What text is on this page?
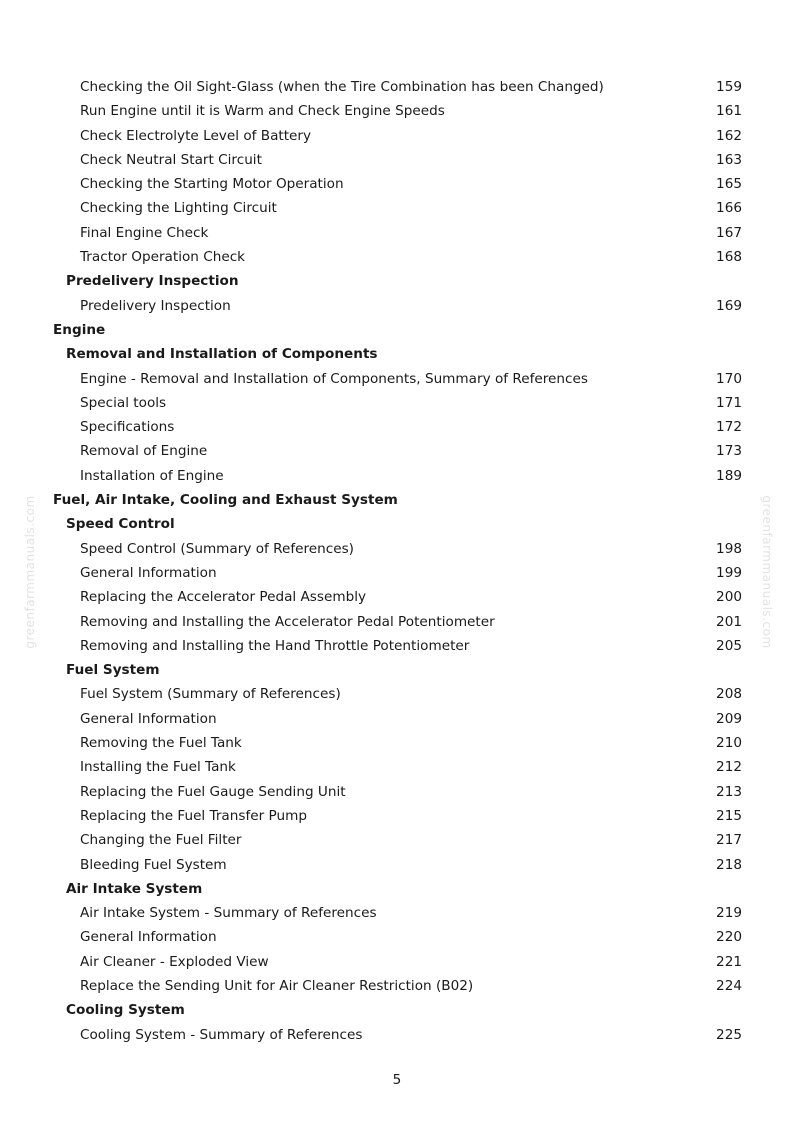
Checking the Oil Sight-Glass (when the Tire Combination has been Changed)	159
Run Engine until it is Warm and Check Engine Speeds	161
Check Electrolyte Level of Battery	162
Check Neutral Start Circuit	163
Checking the Starting Motor Operation	165
Checking the Lighting Circuit	166
Final Engine Check	167
Tractor Operation Check	168
Predelivery Inspection
Predelivery Inspection	169
Engine
Removal and Installation of Components
Engine - Removal and Installation of Components, Summary of References	170
Special tools	171
Specifications	172
Removal of Engine	173
Installation of Engine	189
Fuel, Air Intake, Cooling and Exhaust System
Speed Control
Speed Control (Summary of References)	198
General Information	199
Replacing the Accelerator Pedal Assembly	200
Removing and Installing the Accelerator Pedal Potentiometer	201
Removing and Installing the Hand Throttle Potentiometer	205
Fuel System
Fuel System (Summary of References)	208
General Information	209
Removing the Fuel Tank	210
Installing the Fuel Tank	212
Replacing the Fuel Gauge Sending Unit	213
Replacing the Fuel Transfer Pump	215
Changing the Fuel Filter	217
Bleeding Fuel System	218
Air Intake System
Air Intake System - Summary of References	219
General Information	220
Air Cleaner - Exploded View	221
Replace the Sending Unit for Air Cleaner Restriction (B02)	224
Cooling System
Cooling System - Summary of References	225
5
greenfarmmanuals.com	greenfarmmanuals.com
